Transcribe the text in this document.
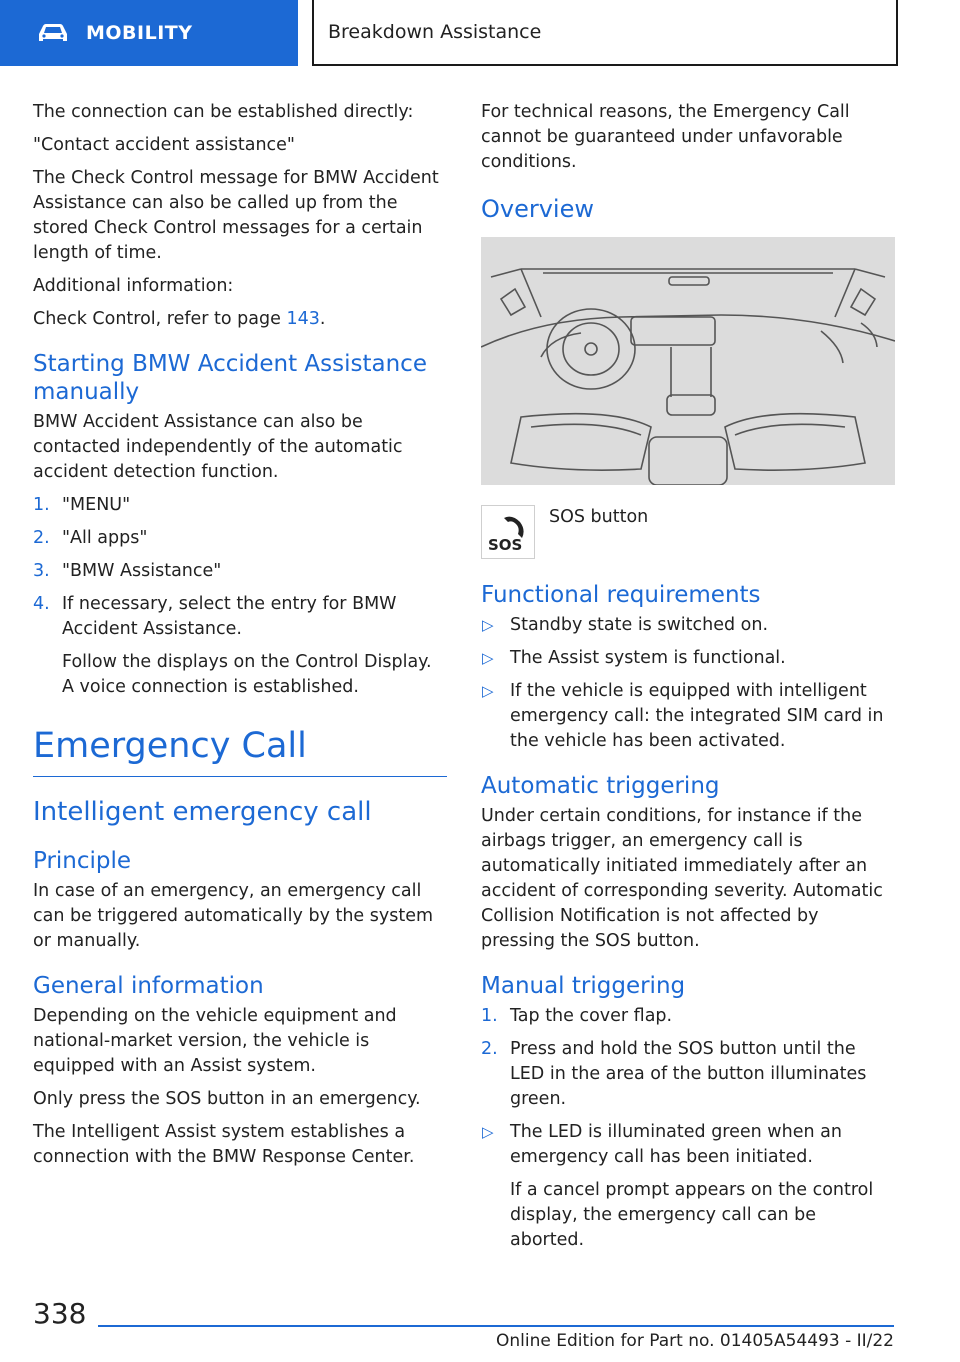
MOBILITY	Breakdown Assistance

The connection can be established directly:

"Contact accident assistance"

The Check Control message for BMW Accident Assistance can also be called up from the stored Check Control messages for a certain length of time.

Additional information:

Check Control, refer to page 143.

Starting BMW Accident Assistance manually

BMW Accident Assistance can also be contacted independently of the automatic accident detection function.

1. "MENU"
2. "All apps"
3. "BMW Assistance"
4. If necessary, select the entry for BMW Accident Assistance.
Follow the displays on the Control Display. A voice connection is established.
Emergency Call
Intelligent emergency call
Principle

In case of an emergency, an emergency call can be triggered automatically by the system or manually.

General information

Depending on the vehicle equipment and national-market version, the vehicle is equipped with an Assist system.

Only press the SOS button in an emergency.

The Intelligent Assist system establishes a connection with the BMW Response Center.

For technical reasons, the Emergency Call cannot be guaranteed under unfavorable conditions.

Overview
SOS
SOS button
Functional requirements
▷ Standby state is switched on.
▷ The Assist system is functional.
▷ If the vehicle is equipped with intelligent emergency call: the integrated SIM card in the vehicle has been activated.
Automatic triggering

Under certain conditions, for instance if the airbags trigger, an emergency call is automatically initiated immediately after an accident of corresponding severity. Automatic Collision Notification is not affected by pressing the SOS button.

Manual triggering
1. Tap the cover flap.
2. Press and hold the SOS button until the LED in the area of the button illuminates green.
▷ The LED is illuminated green when an emergency call has been initiated.
If a cancel prompt appears on the control display, the emergency call can be aborted.
338
Online Edition for Part no. 01405A54493 - II/22
